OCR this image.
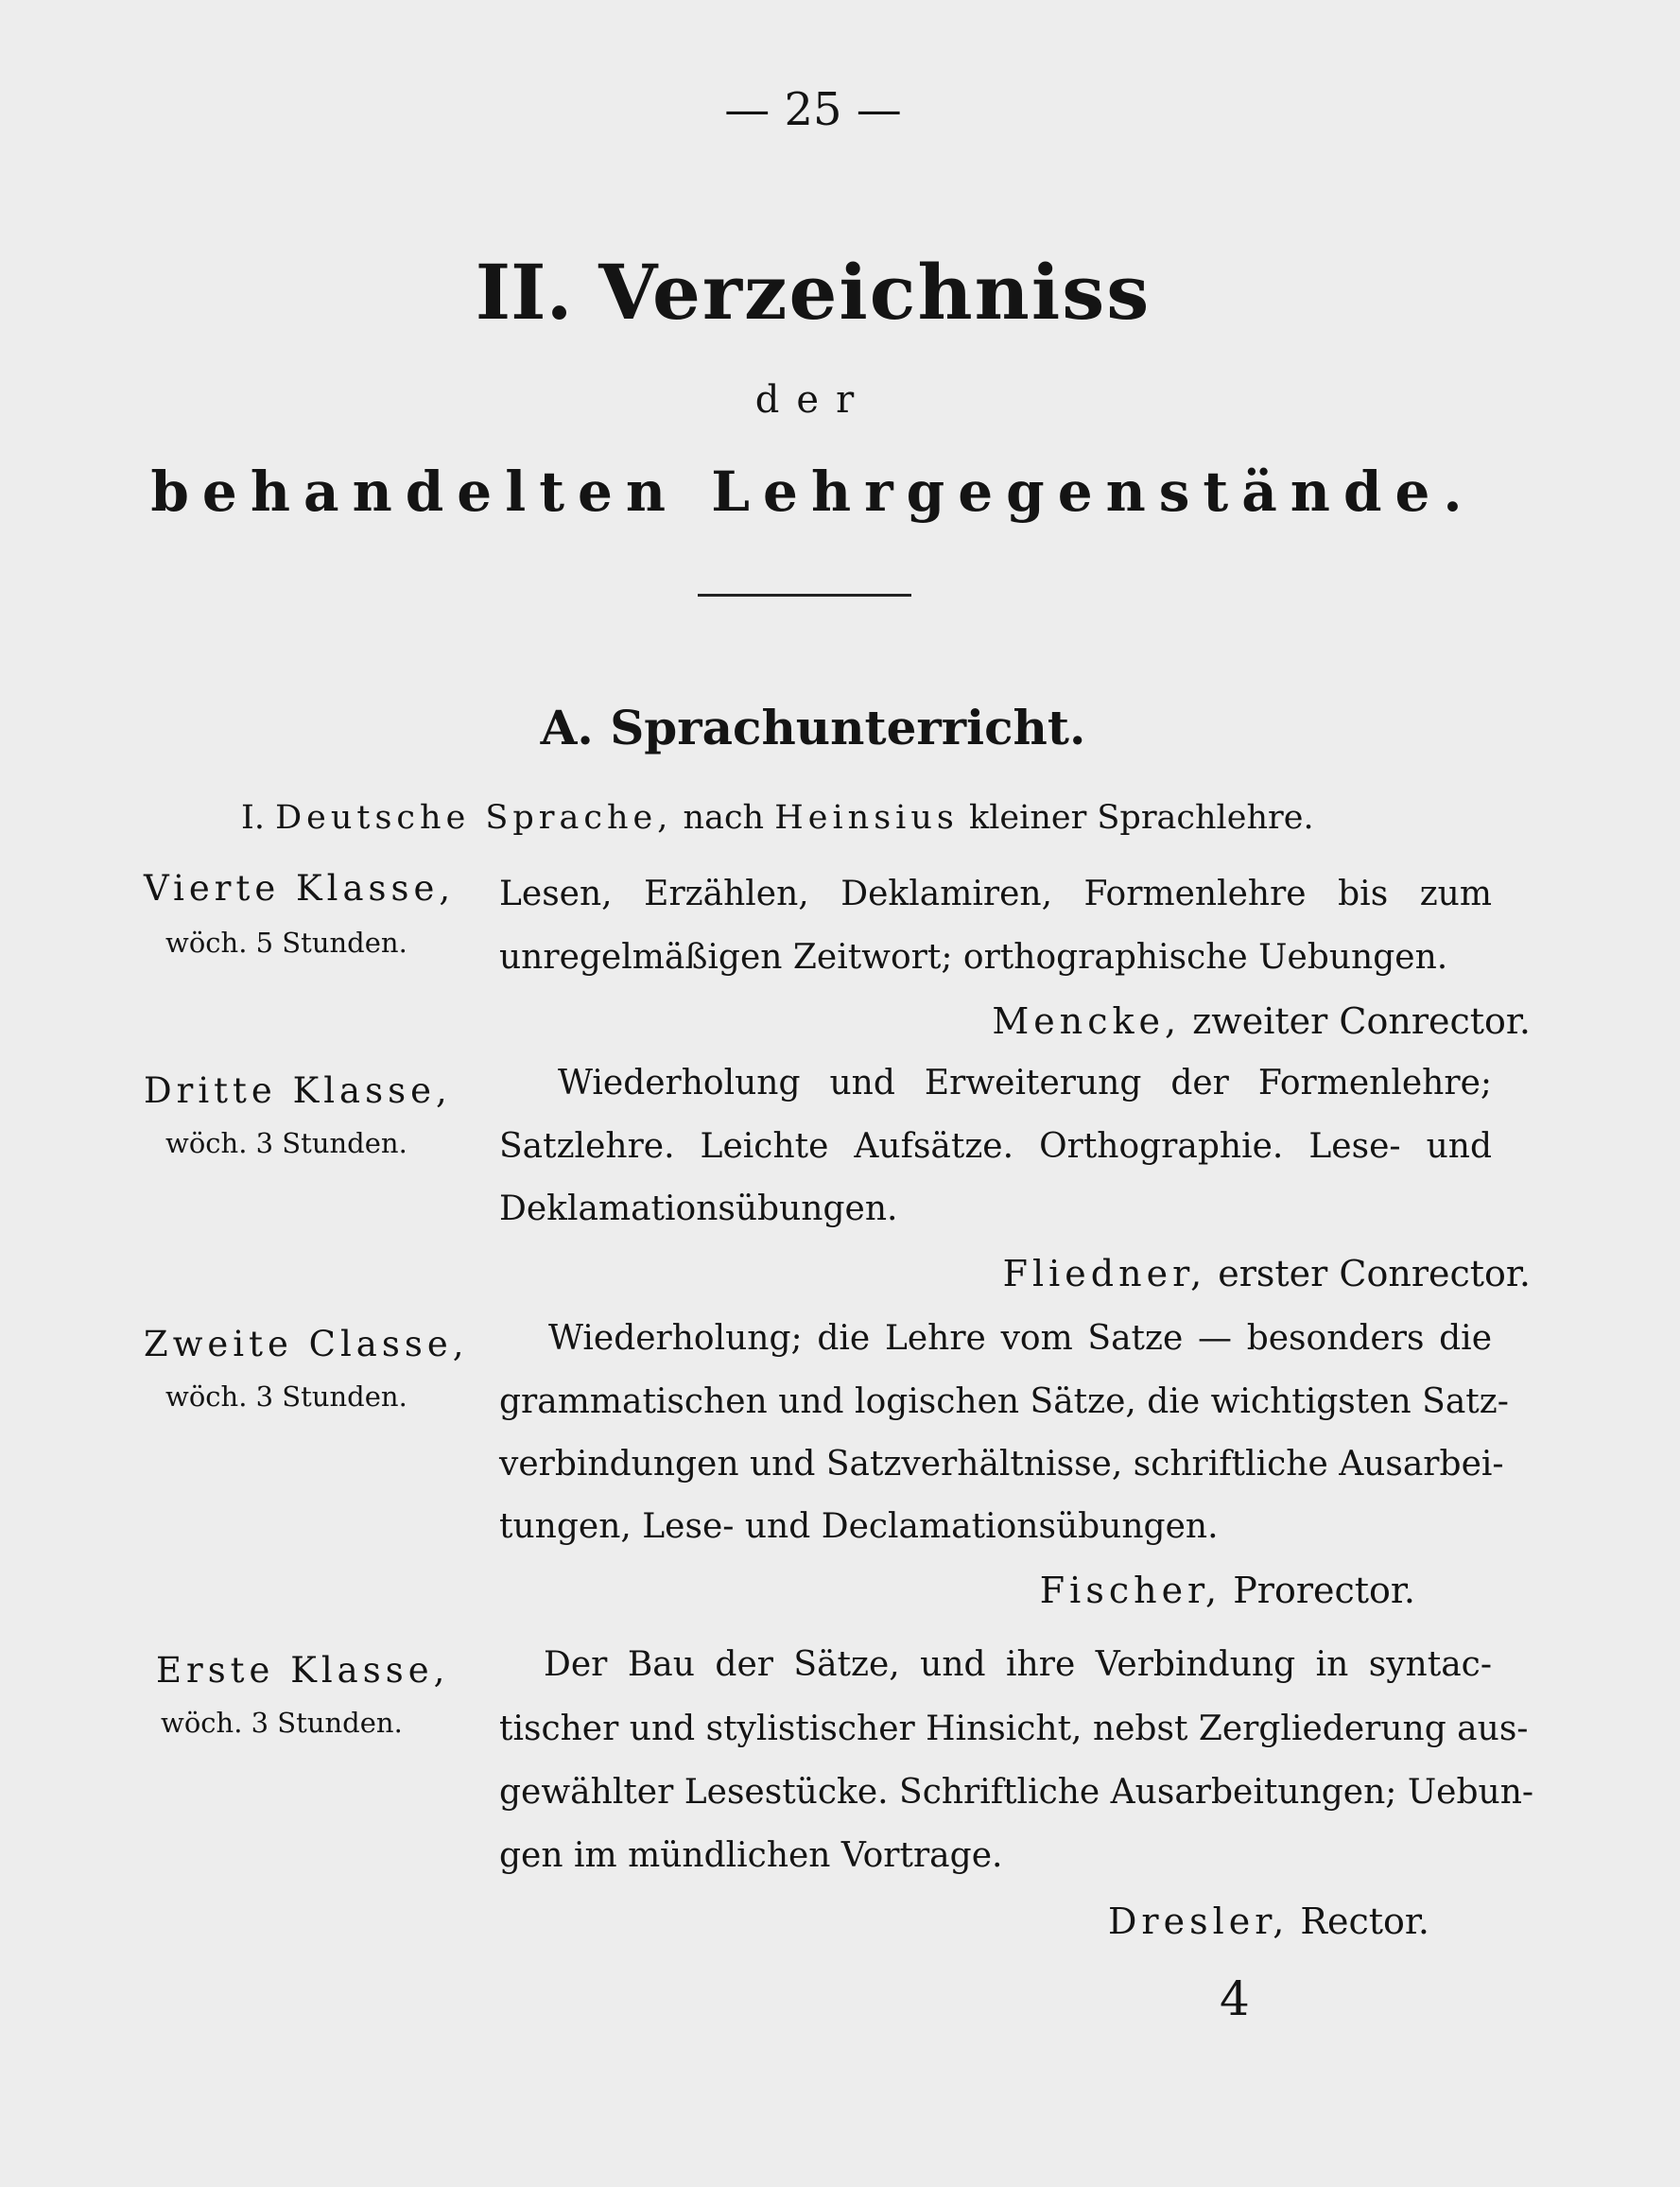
— 25 —
II. Verzeichniss
der
behandelten Lehrgegenstände.
A. Sprachunterricht.
I. Deutsche Sprache, nach Heinsius kleiner Sprachlehre.
Vierte Klasse,
wöch. 5 Stunden.
Lesen, Erzählen, Deklamiren, Formenlehre bis zum
unregelmäßigen Zeitwort; orthographische Uebungen.
Mencke, zweiter Conrector.
Dritte Klasse,
wöch. 3 Stunden.
Wiederholung und Erweiterung der Formenlehre;
Satzlehre. Leichte Aufsätze. Orthographie. Lese- und
Deklamationsübungen.
Fliedner, erster Conrector.
Zweite Classe,
wöch. 3 Stunden.
Wiederholung; die Lehre vom Satze — besonders die
grammatischen und logischen Sätze, die wichtigsten Satz-
verbindungen und Satzverhältnisse, schriftliche Ausarbei-
tungen, Lese- und Declamationsübungen.
Fischer, Prorector.
Erste Klasse,
wöch. 3 Stunden.
Der Bau der Sätze, und ihre Verbindung in syntac-
tischer und stylistischer Hinsicht, nebst Zergliederung aus-
gewählter Lesestücke. Schriftliche Ausarbeitungen; Uebun-
gen im mündlichen Vortrage.
Dresler, Rector.
4
